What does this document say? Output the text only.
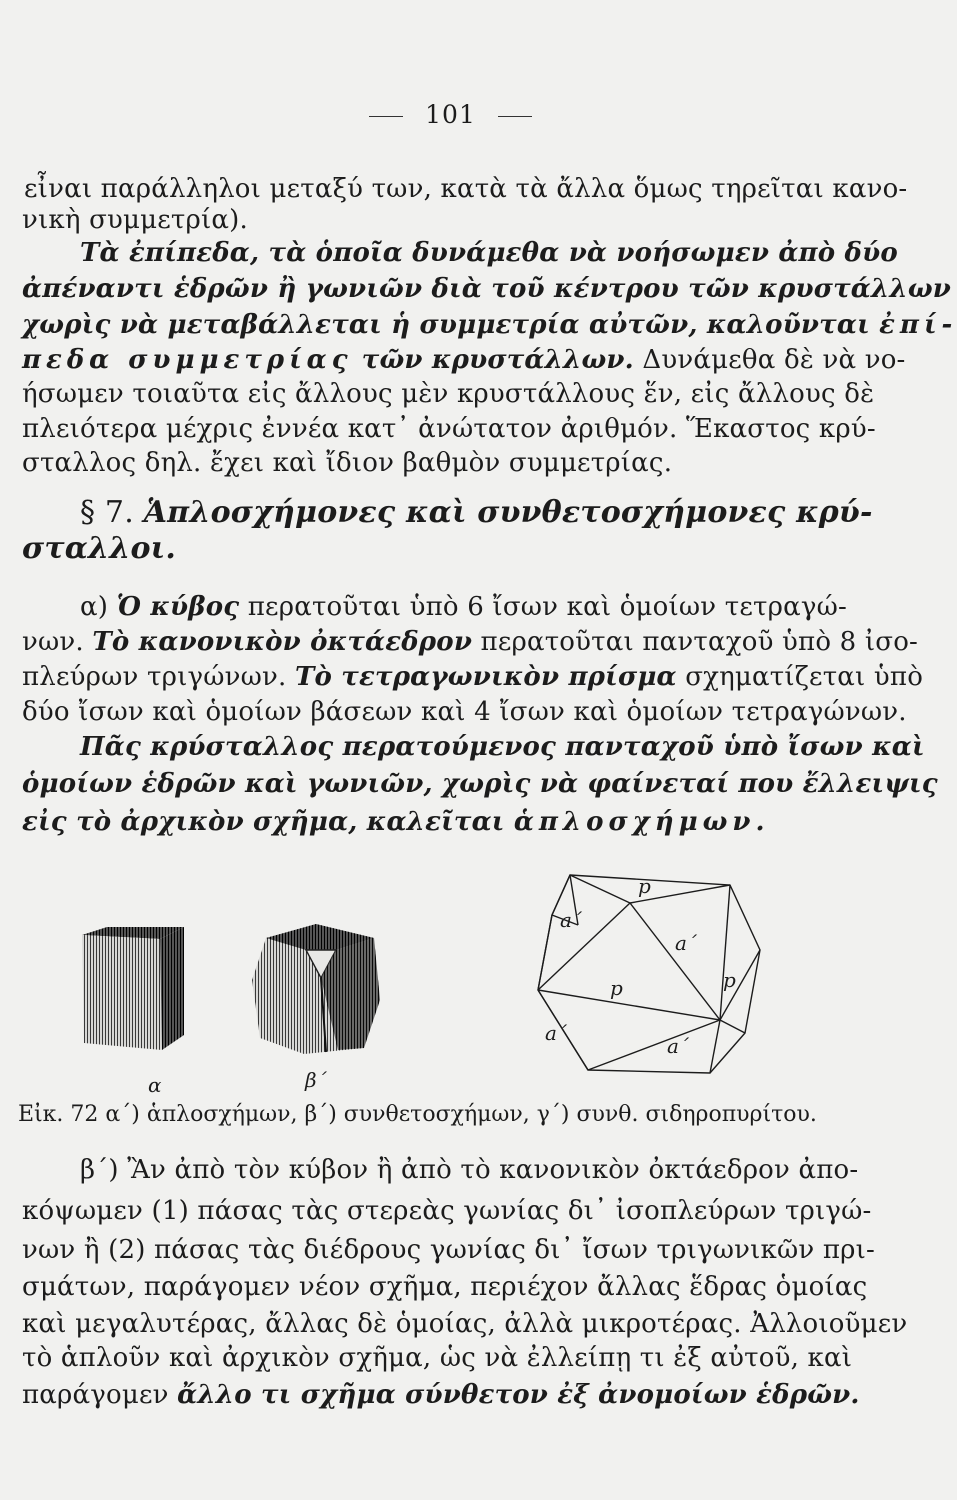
101
εἶναι παράλληλοι μεταξύ των, κατὰ τὰ ἄλλα ὅμως τηρεῖται κανο-
νικὴ συμμετρία).
Τὰ ἐπίπεδα, τὰ ὁποῖα δυνάμεθα νὰ νοήσωμεν ἀπὸ δύο
ἀπέναντι ἑδρῶν ἢ γωνιῶν διὰ τοῦ κέντρου τῶν κρυστάλλων
χωρὶς νὰ μεταβάλλεται ἡ συμμετρία αὐτῶν, καλοῦνται ἐπί-
πεδα συμμετρίας τῶν κρυστάλλων. Δυνάμεθα δὲ νὰ νο-
ήσωμεν τοιαῦτα εἰς ἄλλους μὲν κρυστάλλους ἕν, εἰς ἄλλους δὲ
πλειότερα μέχρις ἐννέα κατ᾽ ἀνώτατον ἀριθμόν. Ἕκαστος κρύ-
σταλλος δηλ. ἔχει καὶ ἴδιον βαθμὸν συμμετρίας.
§ 7. Ἁπλοσχήμονες καὶ συνθετοσχήμονες κρύ-
σταλλοι.
α) Ὁ κύβος περατοῦται ὑπὸ 6 ἴσων καὶ ὁμοίων τετραγώ-
νων. Τὸ κανονικὸν ὀκτάεδρον περατοῦται πανταχοῦ ὑπὸ 8 ἰσο-
πλεύρων τριγώνων. Τὸ τετραγωνικὸν πρίσμα σχηματίζεται ὑπὸ
δύο ἴσων καὶ ὁμοίων βάσεων καὶ 4 ἴσων καὶ ὁμοίων τετραγώνων.
Πᾶς κρύσταλλος περατούμενος πανταχοῦ ὑπὸ ἴσων καὶ
ὁμοίων ἑδρῶν καὶ γωνιῶν, χωρὶς νὰ φαίνεταί που ἔλλειψις
εἰς τὸ ἀρχικὸν σχῆμα, καλεῖται ἁπλοσχήμων.
β΄) Ἂν ἀπὸ τὸν κύβον ἢ ἀπὸ τὸ κανονικὸν ὀκτάεδρον ἀπο-
κόψωμεν (1) πάσας τὰς στερεὰς γωνίας δι᾽ ἰσοπλεύρων τριγώ-
νων ἢ (2) πάσας τὰς διέδρους γωνίας δι᾽ ἴσων τριγωνικῶν πρι-
σμάτων, παράγομεν νέον σχῆμα, περιέχον ἄλλας ἕδρας ὁμοίας
καὶ μεγαλυτέρας, ἄλλας δὲ ὁμοίας, ἀλλὰ μικροτέρας. Ἀλλοιοῦμεν
τὸ ἁπλοῦν καὶ ἀρχικὸν σχῆμα, ὡς νὰ ἐλλείπῃ τι ἐξ αὐτοῦ, καὶ
παράγομεν ἄλλο τι σχῆμα σύνθετον ἐξ ἀνομοίων ἑδρῶν.
α	β΄
p
a΄
a΄
p	p
a΄
a΄
Εἰκ. 72 α΄) ἁπλοσχήμων, β΄) συνθετοσχήμων, γ΄) συνθ. σιδηροπυρίτου.
